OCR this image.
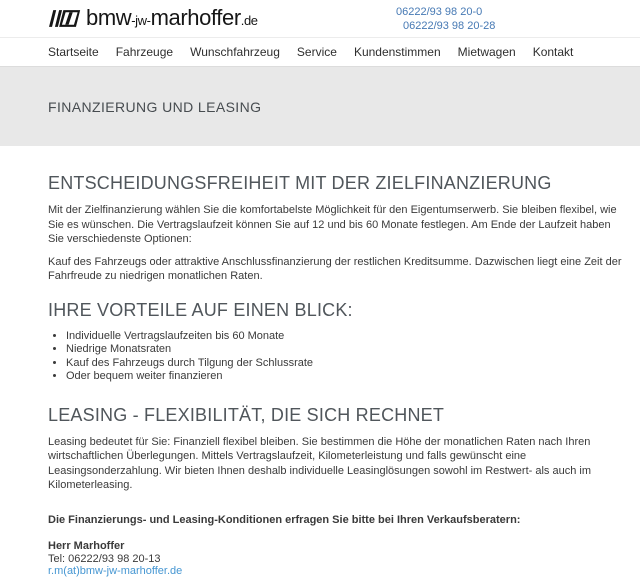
bmw-jw-marhoffer.de
06222/93 98 20-0
06222/93 98 20-28
Startseite Fahrzeuge Wunschfahrzeug Service Kundenstimmen Mietwagen Kontakt
FINANZIERUNG UND LEASING
ENTSCHEIDUNGSFREIHEIT MIT DER ZIELFINANZIERUNG

Mit der Zielfinanzierung wählen Sie die komfortabelste Möglichkeit für den Eigentumserwerb. Sie bleiben flexibel, wie Sie es wünschen. Die Vertragslaufzeit können Sie auf 12 und bis 60 Monate festlegen. Am Ende der Laufzeit haben Sie verschiedenste Optionen:

Kauf des Fahrzeugs oder attraktive Anschlussfinanzierung der restlichen Kreditsumme. Dazwischen liegt eine Zeit der Fahrfreude zu niedrigen monatlichen Raten.

IHRE VORTEILE AUF EINEN BLICK:
• Individuelle Vertragslaufzeiten bis 60 Monate
• Niedrige Monatsraten
• Kauf des Fahrzeugs durch Tilgung der Schlussrate
• Oder bequem weiter finanzieren
LEASING - FLEXIBILITÄT, DIE SICH RECHNET

Leasing bedeutet für Sie: Finanziell flexibel bleiben. Sie bestimmen die Höhe der monatlichen Raten nach Ihren wirtschaftlichen Überlegungen. Mittels Vertragslaufzeit, Kilometerleistung und falls gewünscht eine Leasingsonderzahlung. Wir bieten Ihnen deshalb individuelle Leasinglösungen sowohl im Restwert- als auch im Kilometerleasing.

Die Finanzierungs- und Leasing-Konditionen erfragen Sie bitte bei Ihren Verkaufsberatern:

Herr Marhoffer

Tel: 06222/93 98 20-13

r.m(at)bmw-jw-marhoffer.de
